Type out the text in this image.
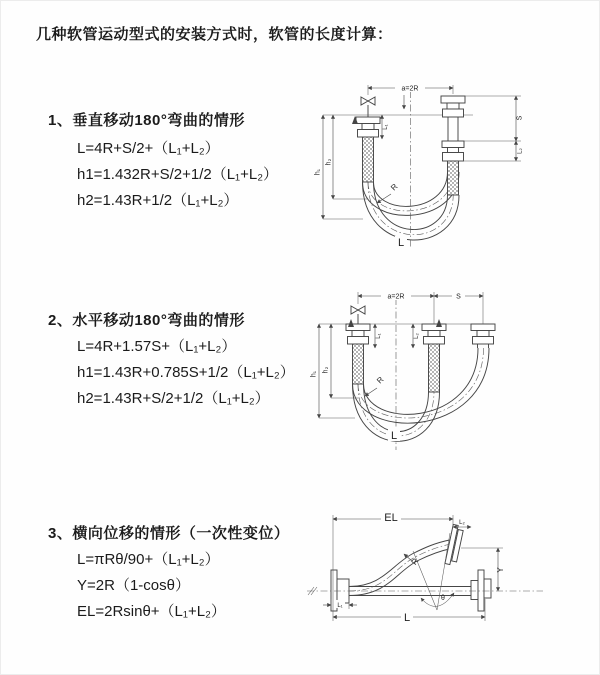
几种软管运动型式的安装方式时，软管的长度计算：
1、垂直移动180°弯曲的情形
L=4R+S/2+（L₁+L₂）
h1=1.432R+S/2+1/2（L₁+L₂）
h2=1.43R+1/2（L₁+L₂）
2、水平移动180°弯曲的情形
L=4R+1.57S+（L₁+L₂）
h1=1.43R+0.785S+1/2（L₁+L₂）
h2=1.43R+S/2+1/2（L₁+L₂）
3、横向位移的情形（一次性变位）
L=πRθ/90+（L₁+L₂）
Y=2R（1-cosθ）
EL=2Rsinθ+（L₁+L₂）
a=2R
h₁
h₂
L₁
S
L₂
R
L
a=2R	S
h₁
h₂
L₁	L₂
R
L
EL	L₂
Y
R
θ
L₁
L
